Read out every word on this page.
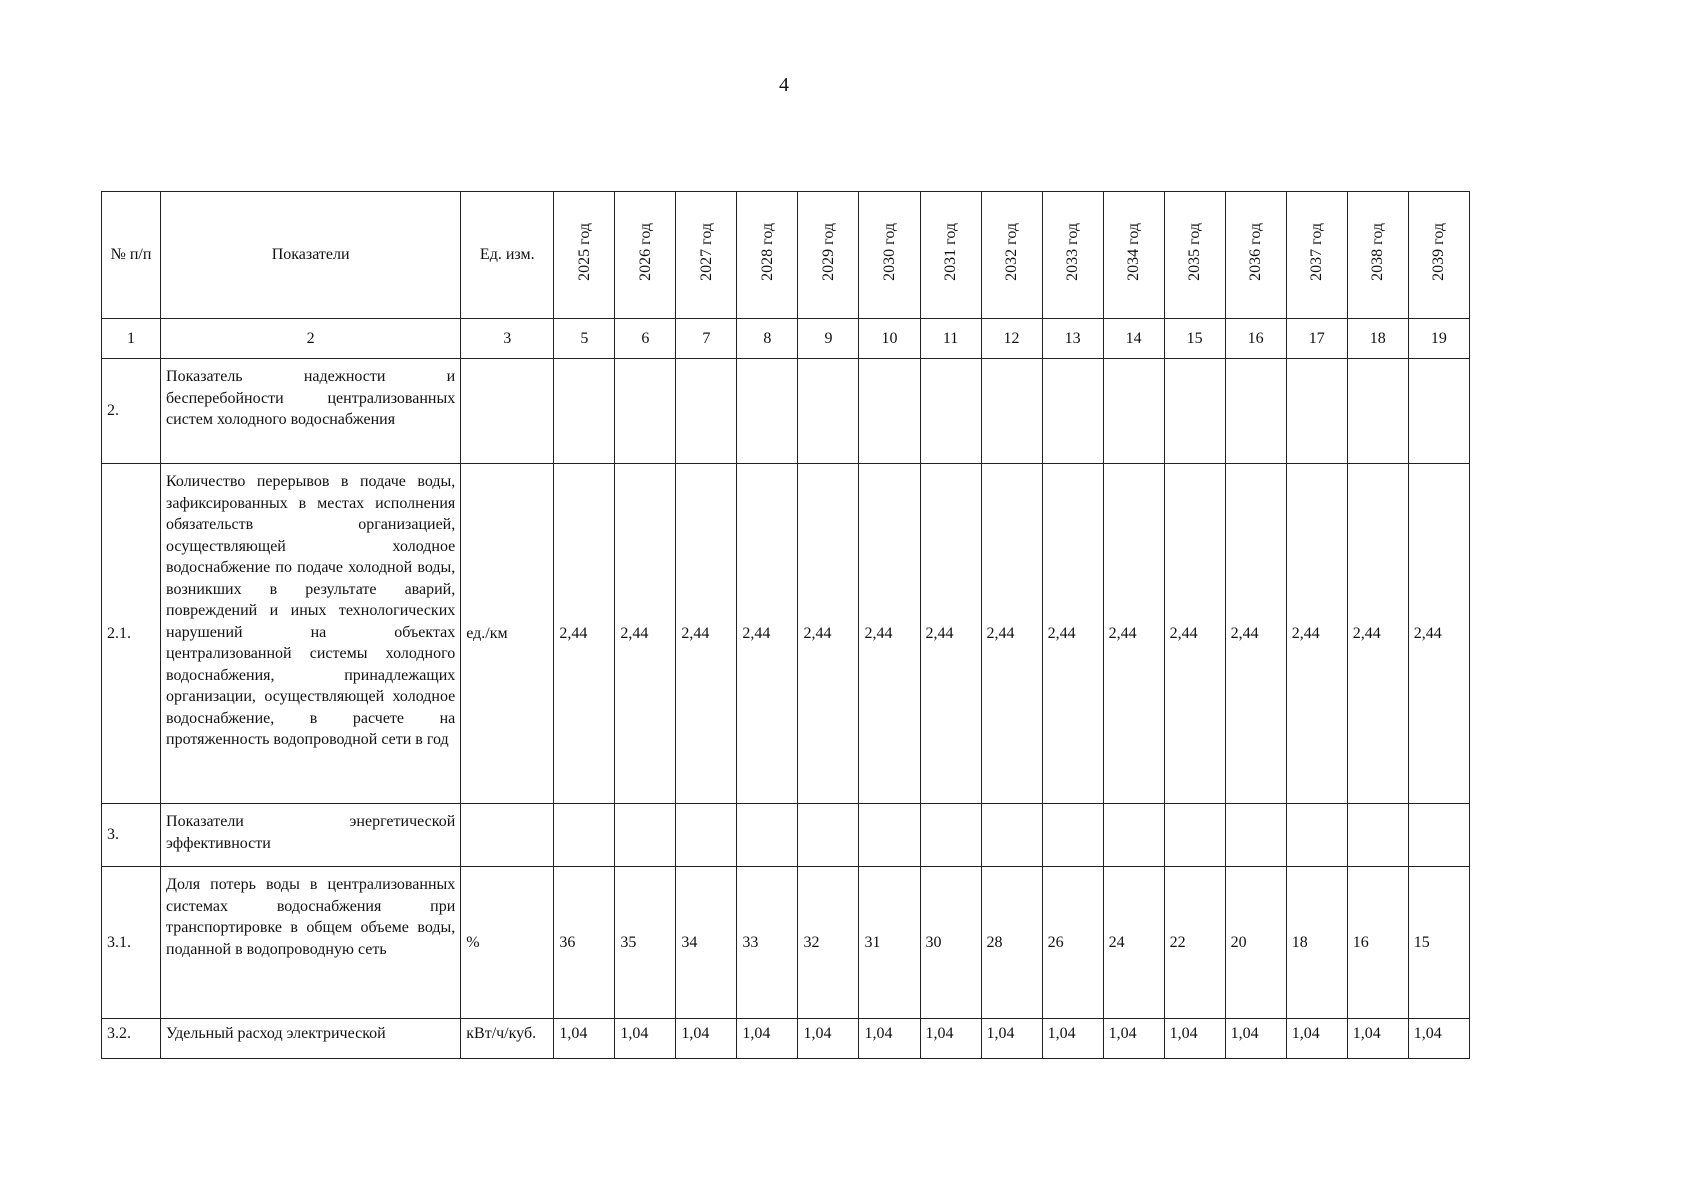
4
№ п/п	Показатели	Ед. изм.	2025 год	2026 год	2027 год	2028 год	2029 год	2030 год	2031 год	2032 год	2033 год	2034 год	2035 год	2036 год	2037 год	2038 год	2039 год
1	2	3	5	6	7	8	9	10	11	12	13	14	15	16	17	18	19
2.	Показатель надежности и бесперебойности централизованных систем холодного водоснабжения																
2.1.	Количество перерывов в подаче воды, зафиксированных в местах исполнения обязательств организацией, осуществляющей холодное водоснабжение по подаче холодной воды, возникших в результате аварий, повреждений и иных технологических нарушений на объектах централизованной системы холодного водоснабжения, принадлежащих организации, осуществляющей холодное водоснабжение, в расчете на протяженность водопроводной сети в год	ед./км	2,44	2,44	2,44	2,44	2,44	2,44	2,44	2,44	2,44	2,44	2,44	2,44	2,44	2,44	2,44
3.	Показатели энергетической эффективности																
3.1.	Доля потерь воды в централизованных системах водоснабжения при транспортировке в общем объеме воды, поданной в водопроводную сеть	%	36	35	34	33	32	31	30	28	26	24	22	20	18	16	15
3.2.	Удельный расход электрической	кВт/ч/куб.	1,04	1,04	1,04	1,04	1,04	1,04	1,04	1,04	1,04	1,04	1,04	1,04	1,04	1,04	1,04
